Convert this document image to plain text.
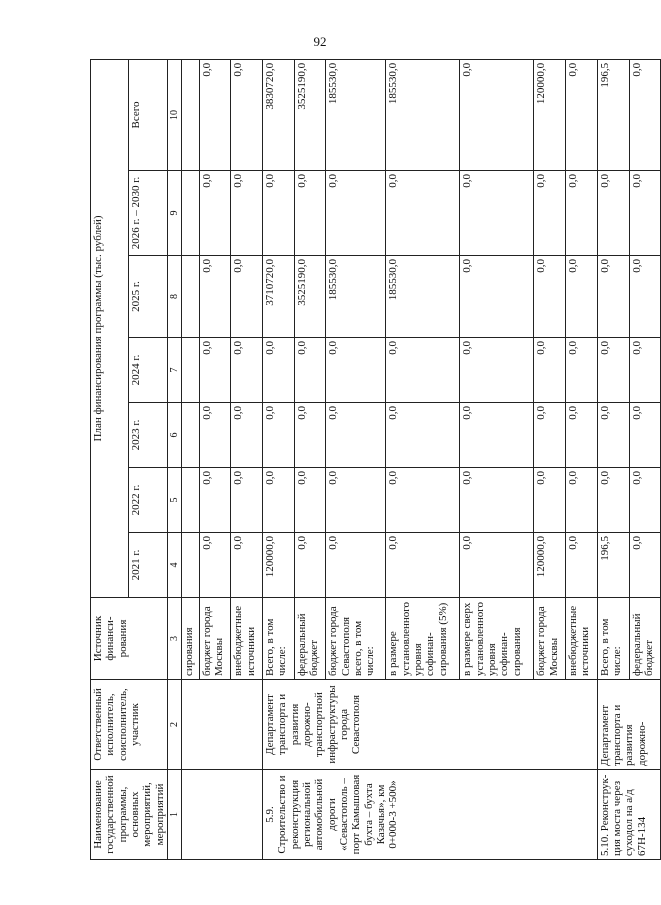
92
Наименование государственной программы, основных мероприятий, мероприятий	Ответственный исполнитель, соисполнитель, участник	Источник финанси-рования	План финансирования программы (тыс. рублей)						
			2021 г.	2022 г.	2023 г.	2024 г.	2025 г.	2026 г. – 2030 г.	Всего
1	2	3	4	5	6	7	8	9	10
		сирования							
		бюджет города Москвы	0,0	0,0	0,0	0,0	0,0	0,0	0,0
		внебюджетные источники	0,0	0,0	0,0	0,0	0,0	0,0	0,0
5.9. Строительство и реконструкция региональной автомобильной дороги «Севастополь – порт Камышовая бухта – бухта Казачья», км 0+000-3 +500»	Департамент транспорта и развития дорожно-транспортной инфраструктуры города Севастополя	Всего, в том числе:	120000,0	0,0	0,0	0,0	3710720,0	0,0	3830720,0
		федеральный бюджет	0,0	0,0	0,0	0,0	3525190,0	0,0	3525190,0
		бюджет города Севастополя всего, в том числе:	0,0	0,0	0,0	0,0	185530,0	0,0	185530,0
		в размере установленного уровня софинан-сирования (5%)	0,0	0,0	0,0	0,0	185530,0	0,0	185530,0
		в размере сверх установленного уровня софинан-сирования	0,0	0,0	0,0	0,0	0,0	0,0	0,0
		бюджет города Москвы	120000,0	0,0	0,0	0,0	0,0	0,0	120000,0
		внебюджетные источники	0,0	0,0	0,0	0,0	0,0	0,0	0,0
5.10. Реконструк-ция моста через суходол на а/д 67Н-134	Департамент транспорта и развития дорожно-	Всего, в том числе:	196,5	0,0	0,0	0,0	0,0	0,0	196,5
		федеральный бюджет	0,0	0,0	0,0	0,0	0,0	0,0	0,0
